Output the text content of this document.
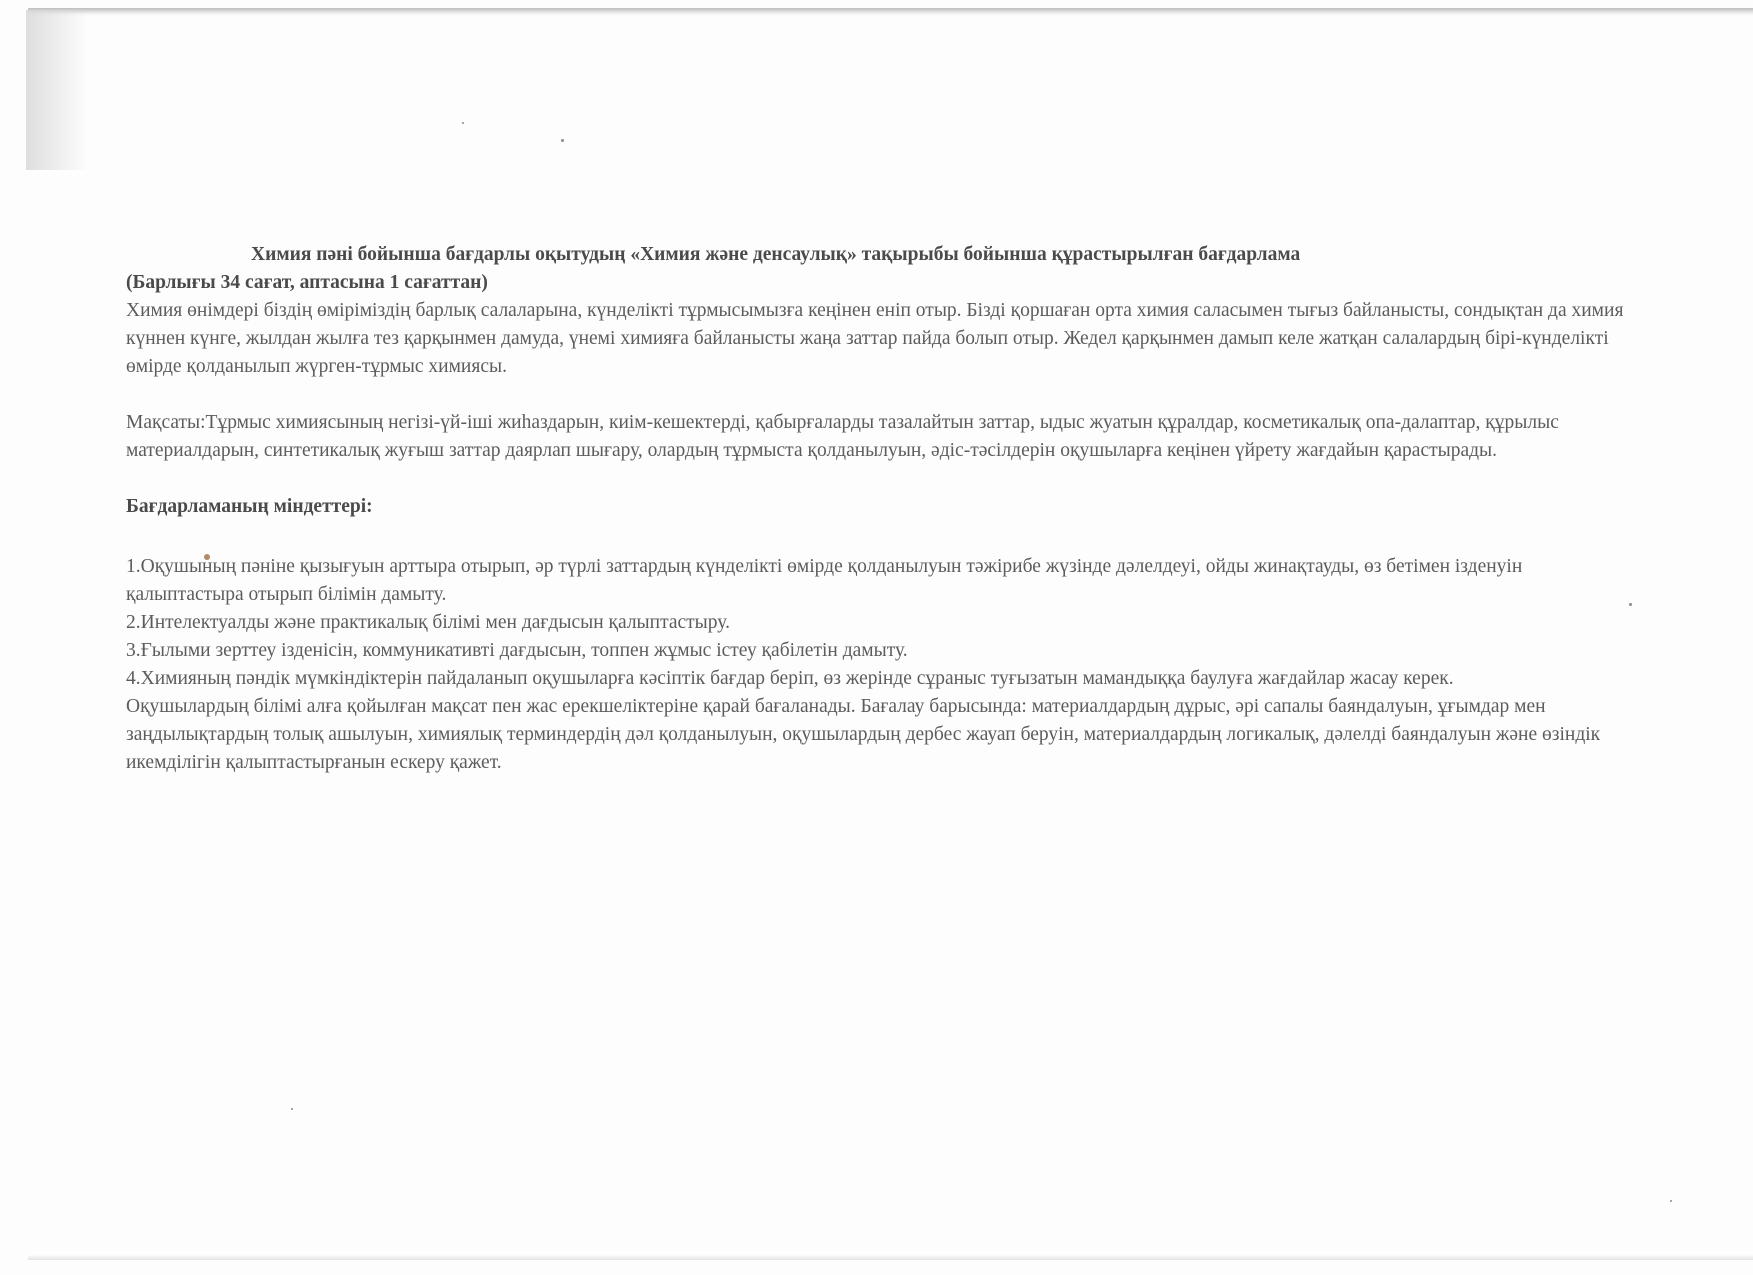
Химия пәні бойынша бағдарлы оқытудың «Химия және денсаулық» тақырыбы бойынша құрастырылған бағдарлама

(Барлығы 34 сағат, аптасына 1 сағаттан)

Химия өнімдері біздің өміріміздің барлық салаларына, күнделікті тұрмысымызға кеңінен еніп отыр. Бізді қоршаған орта химия саласымен тығыз байланысты, сондықтан да химия күннен күнге, жылдан жылға тез қарқынмен дамуда, үнемі химияға байланысты жаңа заттар пайда болып отыр. Жедел қарқынмен дамып келе жатқан салалардың бірі-күнделікті өмірде қолданылып жүрген-тұрмыс химиясы.

Мақсаты:Тұрмыс химиясының негізі-үй-іші жиһаздарын, киім-кешектерді, қабырғаларды тазалайтын заттар, ыдыс жуатын құралдар, косметикалық опа-далаптар, құрылыс материалдарын, синтетикалық жуғыш заттар даярлап шығару, олардың тұрмыста қолданылуын, әдіс-тәсілдерін оқушыларға кеңінен үйрету жағдайын қарастырады.

Бағдарламаның міндеттері:

1.Оқушының пәніне қызығуын арттыра отырып, әр түрлі заттардың күнделікті өмірде қолданылуын тәжірибе жүзінде дәлелдеуі, ойды жинақтауды, өз бетімен ізденуін қалыптастыра отырып білімін дамыту.

2.Интелектуалды және практикалық білімі мен дағдысын қалыптастыру.

3.Ғылыми зерттеу ізденісін, коммуникативті дағдысын, топпен жұмыс істеу қабілетін дамыту.

4.Химияның пәндік мүмкіндіктерін пайдаланып оқушыларға кәсіптік бағдар беріп, өз жерінде сұраныс туғызатын мамандыққа баулуға жағдайлар жасау керек.

Оқушылардың білімі алға қойылған мақсат пен жас ерекшеліктеріне қарай бағаланады. Бағалау барысында: материалдардың дұрыс, әрі сапалы баяндалуын, ұғымдар мен заңдылықтардың толық ашылуын, химиялық терминдердің дәл қолданылуын, оқушылардың дербес жауап беруін, материалдардың логикалық, дәлелді баяндалуын және өзіндік икемділігін қалыптастырғанын ескеру қажет.
